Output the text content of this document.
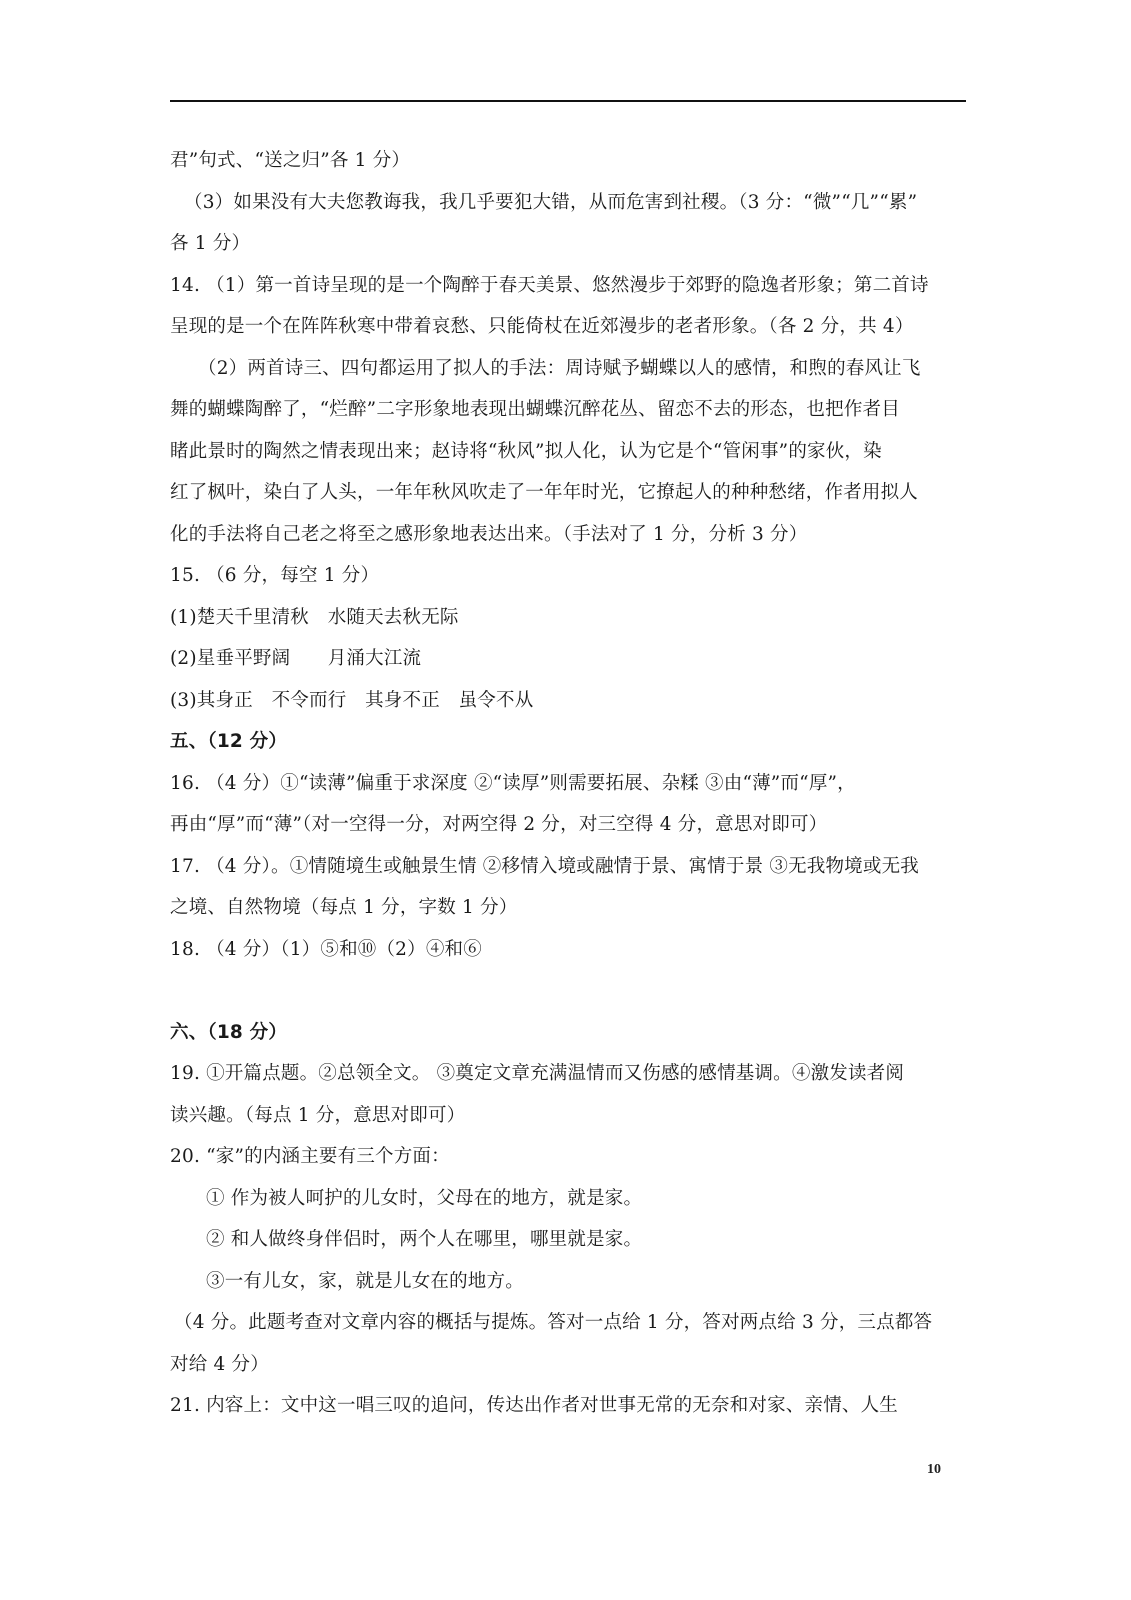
君”句式、“送之归”各 1 分）
（3）如果没有大夫您教诲我，我几乎要犯大错，从而危害到社稷。（3 分：“微”“几”“累”
各 1 分）
14. （1）第一首诗呈现的是一个陶醉于春天美景、悠然漫步于郊野的隐逸者形象；第二首诗
呈现的是一个在阵阵秋寒中带着哀愁、只能倚杖在近郊漫步的老者形象。（各 2 分，共 4）
（2）两首诗三、四句都运用了拟人的手法：周诗赋予蝴蝶以人的感情，和煦的春风让飞
舞的蝴蝶陶醉了，“烂醉”二字形象地表现出蝴蝶沉醉花丛、留恋不去的形态，也把作者目
睹此景时的陶然之情表现出来；赵诗将“秋风”拟人化，认为它是个“管闲事”的家伙，染
红了枫叶，染白了人头，一年年秋风吹走了一年年时光，它撩起人的种种愁绪，作者用拟人
化的手法将自己老之将至之感形象地表达出来。（手法对了 1 分，分析 3 分）
15. （6 分，每空 1 分）
(1)楚天千里清秋　水随天去秋无际
(2)星垂平野阔　　月涌大江流
(3)其身正　不令而行　其身不正　虽令不从
五、（12 分）
16. （4 分）①“读薄”偏重于求深度 ②“读厚”则需要拓展、杂糅 ③由“薄”而“厚”，
再由“厚”而“薄”（对一空得一分，对两空得 2 分，对三空得 4 分，意思对即可）
17. （4 分）。①情随境生或触景生情 ②移情入境或融情于景、寓情于景 ③无我物境或无我
之境、自然物境（每点 1 分，字数 1 分）
18. （4 分）（1）⑤和⑩（2）④和⑥
六、（18 分）
19. ①开篇点题。②总领全文。 ③奠定文章充满温情而又伤感的感情基调。④激发读者阅
读兴趣。（每点 1 分，意思对即可）
20. “家”的内涵主要有三个方面：
① 作为被人呵护的儿女时，父母在的地方，就是家。
② 和人做终身伴侣时，两个人在哪里，哪里就是家。
③一有儿女，家，就是儿女在的地方。
（4 分。此题考查对文章内容的概括与提炼。答对一点给 1 分，答对两点给 3 分，三点都答
对给 4 分）
21. 内容上：文中这一唱三叹的追问，传达出作者对世事无常的无奈和对家、亲情、人生
10
